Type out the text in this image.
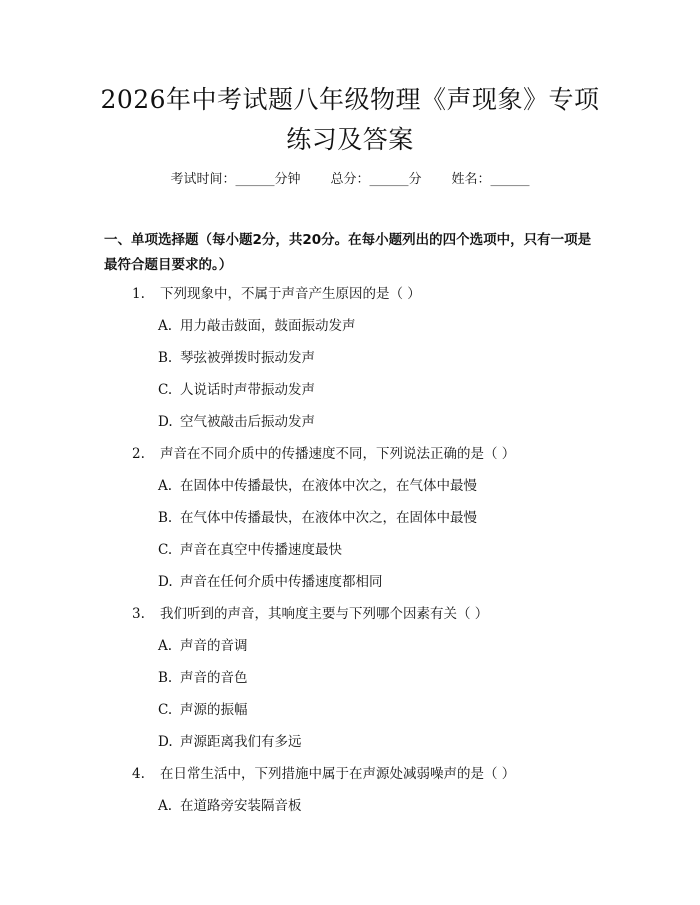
2026年中考试题八年级物理《声现象》专项
练习及答案
考试时间：______分钟 总分：______分 姓名：______
一、单项选择题（每小题2分，共20分。在每小题列出的四个选项中，只有一项是最符合题目要求的。）
1. 下列现象中，不属于声音产生原因的是（ ）
A. 用力敲击鼓面，鼓面振动发声
B. 琴弦被弹拨时振动发声
C. 人说话时声带振动发声
D. 空气被敲击后振动发声
2. 声音在不同介质中的传播速度不同，下列说法正确的是（ ）
A. 在固体中传播最快，在液体中次之，在气体中最慢
B. 在气体中传播最快，在液体中次之，在固体中最慢
C. 声音在真空中传播速度最快
D. 声音在任何介质中传播速度都相同
3. 我们听到的声音，其响度主要与下列哪个因素有关（ ）
A. 声音的音调
B. 声音的音色
C. 声源的振幅
D. 声源距离我们有多远
4. 在日常生活中，下列措施中属于在声源处减弱噪声的是（ ）
A. 在道路旁安装隔音板
